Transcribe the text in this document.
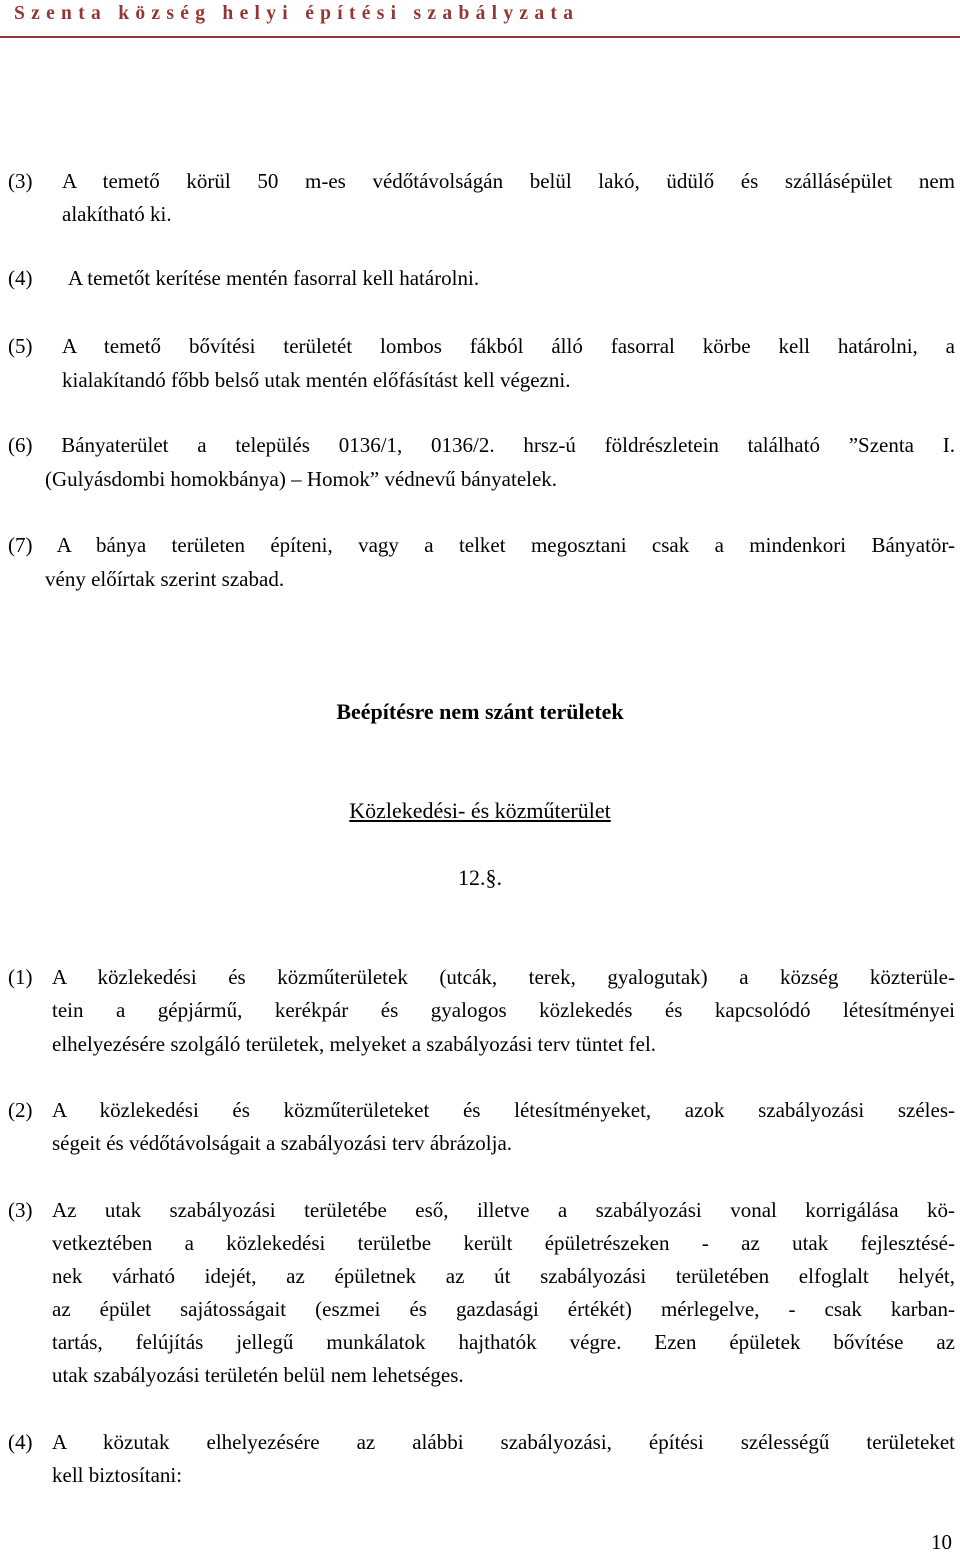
Szenta község helyi építési szabályzata
(3) A temető körül 50 m-es védőtávolságán belül lakó, üdülő és szállásépület nem
alakítható ki.
(4) A temetőt kerítése mentén fasorral kell határolni.
(5) A temető bővítési területét lombos fákból álló fasorral körbe kell határolni, a
kialakítandó főbb belső utak mentén előfásítást kell végezni.
(6) Bányaterület a település 0136/1, 0136/2. hrsz-ú földrészletein található ”Szenta I.
(Gulyásdombi homokbánya) – Homok” védnevű bányatelek.
(7) A bánya területen építeni, vagy a telket megosztani csak a mindenkori Bányatör-
vény előírtak szerint szabad.
Beépítésre nem szánt területek
Közlekedési- és közműterület
12.§.
(1) A közlekedési és közműterületek (utcák, terek, gyalogutak) a község közterüle-
tein a gépjármű, kerékpár és gyalogos közlekedés és kapcsolódó létesítményei
elhelyezésére szolgáló területek, melyeket a szabályozási terv tüntet fel.
(2) A közlekedési és közműterületeket és létesítményeket, azok szabályozási széles-
ségeit és védőtávolságait a szabályozási terv ábrázolja.
(3) Az utak szabályozási területébe eső, illetve a szabályozási vonal korrigálása kö-
vetkeztében a közlekedési területbe került épületrészeken - az utak fejlesztésé-
nek várható idejét, az épületnek az út szabályozási területében elfoglalt helyét,
az épület sajátosságait (eszmei és gazdasági értékét) mérlegelve, - csak karban-
tartás, felújítás jellegű munkálatok hajthatók végre. Ezen épületek bővítése az
utak szabályozási területén belül nem lehetséges.
(4) A közutak elhelyezésére az alábbi szabályozási, építési szélességű területeket
kell biztosítani:
10
